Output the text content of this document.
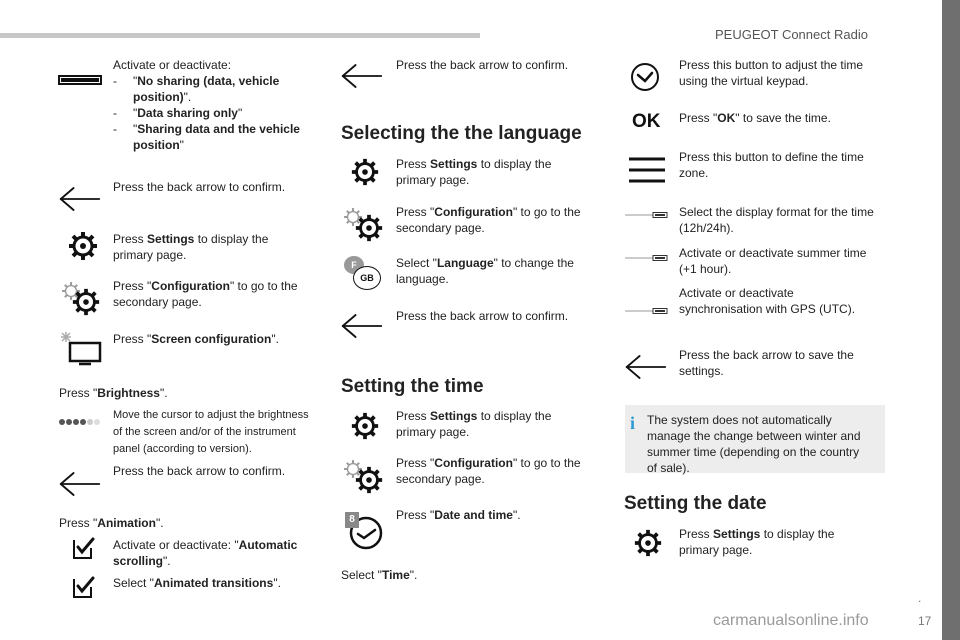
PEUGEOT Connect Radio
Activate or deactivate:
- "No sharing (data, vehicle position)".
- "Data sharing only"
- "Sharing data and the vehicle position"
Press the back arrow to confirm.
Press Settings to display the primary page.
Press "Configuration" to go to the secondary page.
Press "Screen configuration".
Press "Brightness".
Move the cursor to adjust the brightness of the screen and/or of the instrument panel (according to version).
Press the back arrow to confirm.
Press "Animation".
Activate or deactivate: "Automatic scrolling".
Select "Animated transitions".
Press the back arrow to confirm.
Selecting the the language
Press Settings to display the primary page.
Press "Configuration" to go to the secondary page.
F
GB
Select "Language" to change the language.
Press the back arrow to confirm.
Setting the time
Press Settings to display the primary page.
Press "Configuration" to go to the secondary page.
8	Press "Date and time".
Select "Time".
Press this button to adjust the time using the virtual keypad.
OK Press "OK" to save the time.
Press this button to define the time zone.
Select the display format for the time (12h/24h).
Activate or deactivate summer time (+1 hour).
Activate or deactivate synchronisation with GPS (UTC).
Press the back arrow to save the settings.
i The system does not automatically manage the change between winter and summer time (depending on the country of sale).
Setting the date
Press Settings to display the primary page.
.
17
carmanualsonline.info
